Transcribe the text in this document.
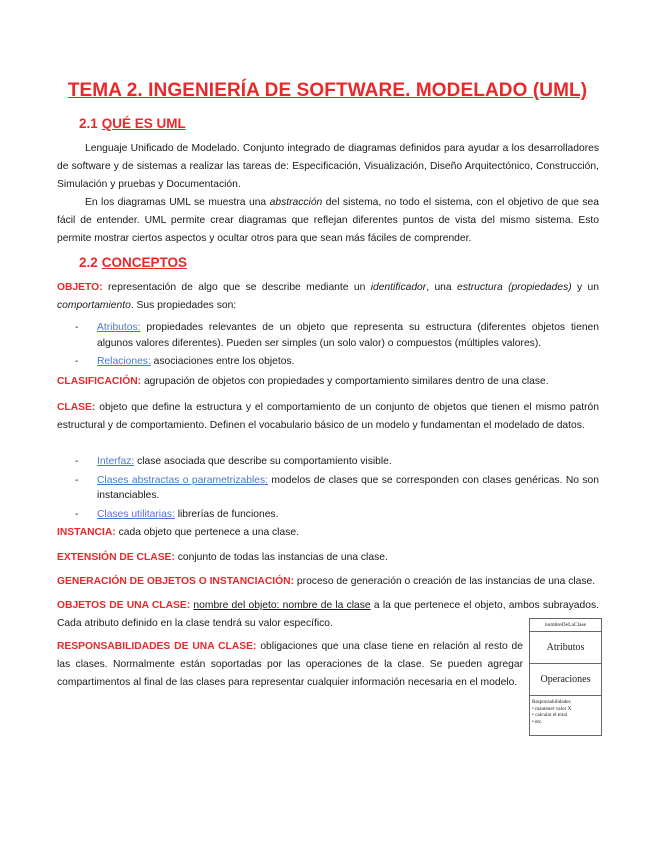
TEMA 2. INGENIERÍA DE SOFTWARE. MODELADO (UML)
2.1 QUÉ ES UML
Lenguaje Unificado de Modelado. Conjunto integrado de diagramas definidos para ayudar a los desarrolladores de software y de sistemas a realizar las tareas de: Especificación, Visualización, Diseño Arquitectónico, Construcción, Simulación y pruebas y Documentación.
En los diagramas UML se muestra una abstracción del sistema, no todo el sistema, con el objetivo de que sea fácil de entender. UML permite crear diagramas que reflejan diferentes puntos de vista del mismo sistema. Esto permite mostrar ciertos aspectos y ocultar otros para que sean más fáciles de comprender.
2.2 CONCEPTOS
OBJETO: representación de algo que se describe mediante un identificador, una estructura (propiedades) y un comportamiento. Sus propiedades son:
- Atributos: propiedades relevantes de un objeto que representa su estructura (diferentes objetos tienen algunos valores diferentes). Pueden ser simples (un solo valor) o compuestos (múltiples valores).
- Relaciones: asociaciones entre los objetos.
CLASIFICACIÓN: agrupación de objetos con propiedades y comportamiento similares dentro de una clase.
CLASE: objeto que define la estructura y el comportamiento de un conjunto de objetos que tienen el mismo patrón estructural y de comportamiento. Definen el vocabulario básico de un modelo y fundamentan el modelado de datos.
- Interfaz: clase asociada que describe su comportamiento visible.
- Clases abstractas o parametrizables: modelos de clases que se corresponden con clases genéricas. No son instanciables.
- Clases utilitarias: librerías de funciones.
INSTANCIA: cada objeto que pertenece a una clase.
EXTENSIÓN DE CLASE: conjunto de todas las instancias de una clase.
GENERACIÓN DE OBJETOS O INSTANCIACIÓN: proceso de generación o creación de las instancias de una clase.
OBJETOS DE UNA CLASE: nombre del objeto: nombre de la clase a la que pertenece el objeto, ambos subrayados. Cada atributo definido en la clase tendrá su valor específico.
RESPONSABILIDADES DE UNA CLASE: obligaciones que una clase tiene en relación al resto de las clases. Normalmente están soportadas por las operaciones de la clase. Se pueden agregar compartimentos al final de las clases para representar cualquier información necesaria en el modelo.
nombreDeLaClase
Atributos
Operaciones
Responsabilidades
• mantener valor X
• calcular el total
• etc.
